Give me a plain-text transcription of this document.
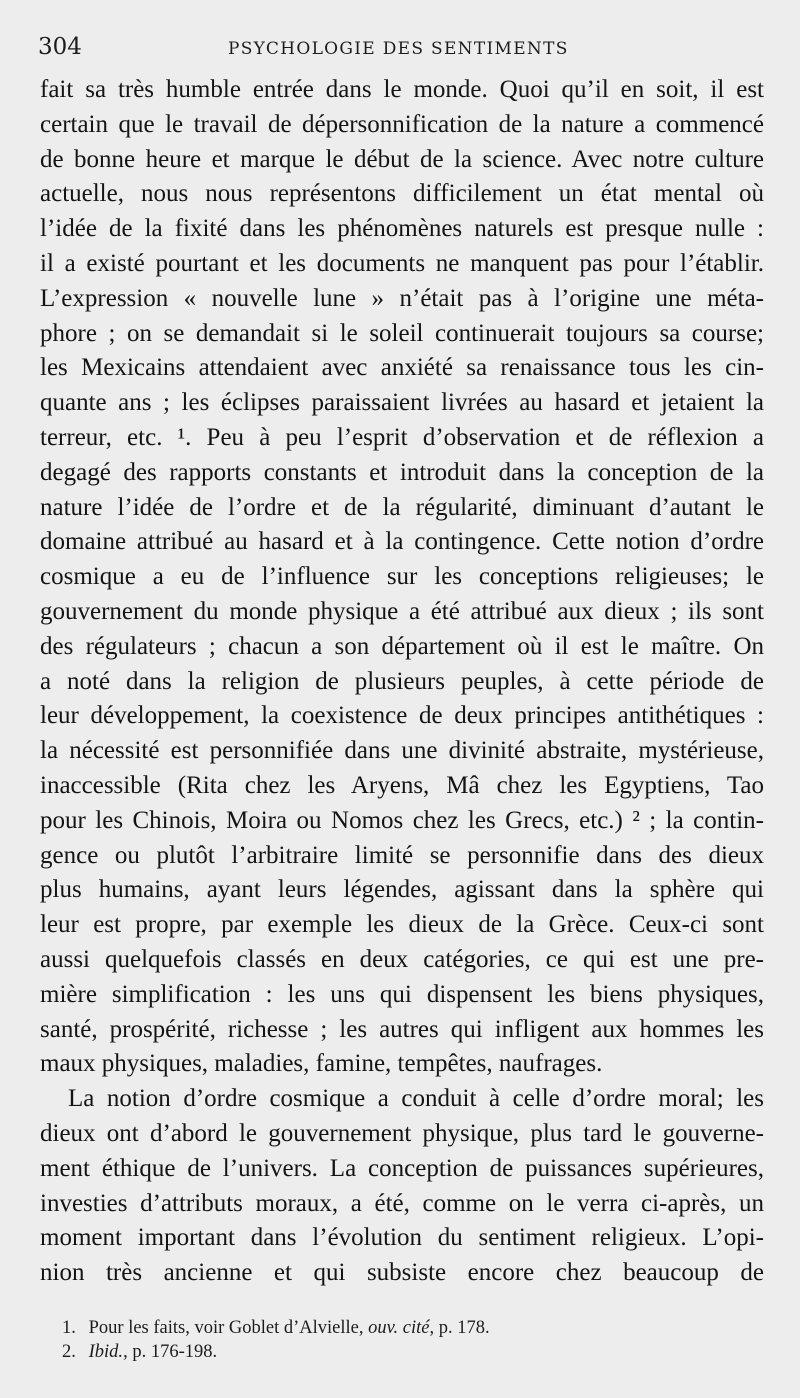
304	PSYCHOLOGIE DES SENTIMENTS
fait sa très humble entrée dans le monde. Quoi qu’il en soit, il est
certain que le travail de dépersonnification de la nature a commencé
de bonne heure et marque le début de la science. Avec notre culture
actuelle, nous nous représentons difficilement un état mental où
l’idée de la fixité dans les phénomènes naturels est presque nulle :
il a existé pourtant et les documents ne manquent pas pour l’établir.
L’expression « nouvelle lune » n’était pas à l’origine une méta-
phore ; on se demandait si le soleil continuerait toujours sa course;
les Mexicains attendaient avec anxiété sa renaissance tous les cin-
quante ans ; les éclipses paraissaient livrées au hasard et jetaient la
terreur, etc. ¹. Peu à peu l’esprit d’observation et de réflexion a
degagé des rapports constants et introduit dans la conception de la
nature l’idée de l’ordre et de la régularité, diminuant d’autant le
domaine attribué au hasard et à la contingence. Cette notion d’ordre
cosmique a eu de l’influence sur les conceptions religieuses; le
gouvernement du monde physique a été attribué aux dieux ; ils sont
des régulateurs ; chacun a son département où il est le maître. On
a noté dans la religion de plusieurs peuples, à cette période de
leur développement, la coexistence de deux principes antithétiques :
la nécessité est personnifiée dans une divinité abstraite, mystérieuse,
inaccessible (Rita chez les Aryens, Mâ chez les Egyptiens, Tao
pour les Chinois, Moira ou Nomos chez les Grecs, etc.) ² ; la contin-
gence ou plutôt l’arbitraire limité se personnifie dans des dieux
plus humains, ayant leurs légendes, agissant dans la sphère qui
leur est propre, par exemple les dieux de la Grèce. Ceux-ci sont
aussi quelquefois classés en deux catégories, ce qui est une pre-
mière simplification : les uns qui dispensent les biens physiques,
santé, prospérité, richesse ; les autres qui infligent aux hommes les
maux physiques, maladies, famine, tempêtes, naufrages.
La notion d’ordre cosmique a conduit à celle d’ordre moral; les
dieux ont d’abord le gouvernement physique, plus tard le gouverne-
ment éthique de l’univers. La conception de puissances supérieures,
investies d’attributs moraux, a été, comme on le verra ci-après, un
moment important dans l’évolution du sentiment religieux. L’opi-
nion très ancienne et qui subsiste encore chez beaucoup de
1. Pour les faits, voir Goblet d’Alvielle, ouv. cité, p. 178.
2. Ibid., p. 176-198.
